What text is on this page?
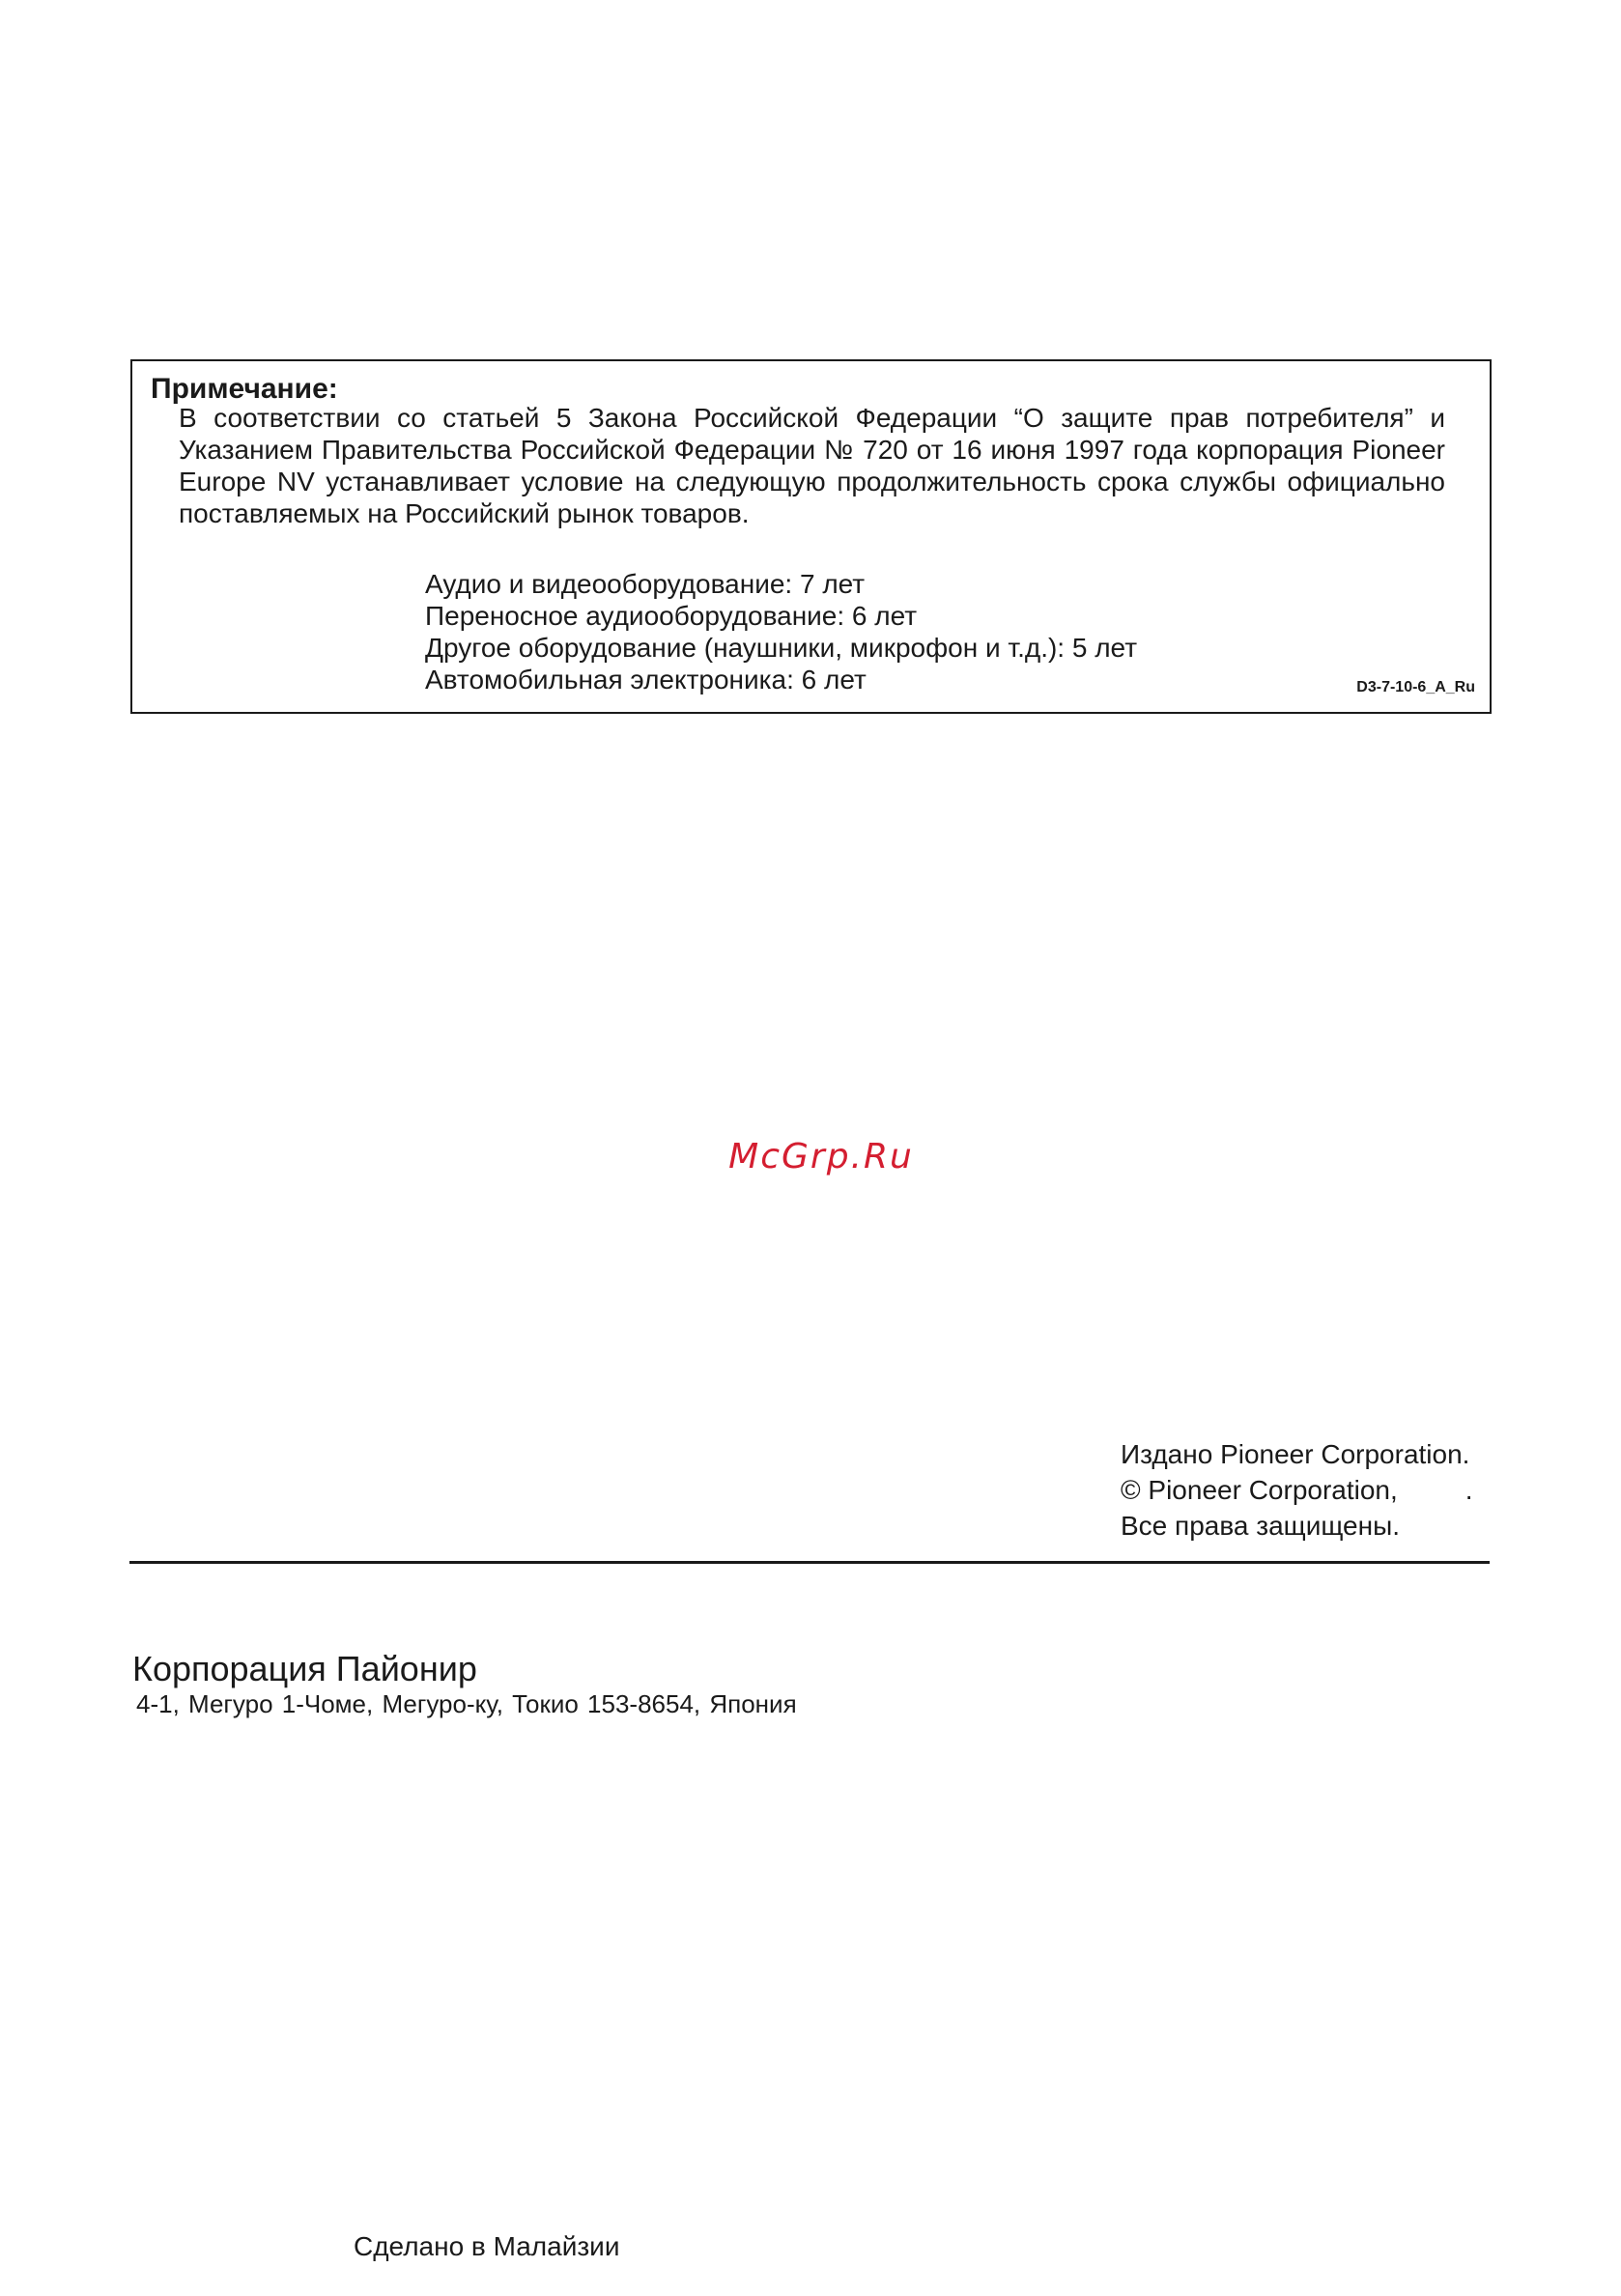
Примечание:

В соответствии со статьей 5 Закона Российской Федерации “О защите прав потребителя” и Указанием Правительства Российской Федерации № 720 от 16 июня 1997 года корпорация Pioneer Europe NV устанавливает условие на следующую продолжительность срока службы официально поставляемых на Российский рынок товаров.

Аудио и видеооборудование: 7 лет
Переносное аудиооборудование: 6 лет
Другое оборудование (наушники, микрофон и т.д.): 5 лет
Автомобильная электроника: 6 лет	D3-7-10-6_A_Ru
McGrp.Ru
Издано Pioneer Corporation.
© Pioneer Corporation,	.
Все права защищены.
Корпорация Пайонир
4-1, Мегуро 1-Чоме, Мегуро-ку, Токио 153-8654, Япония
Сделано в Малайзии
